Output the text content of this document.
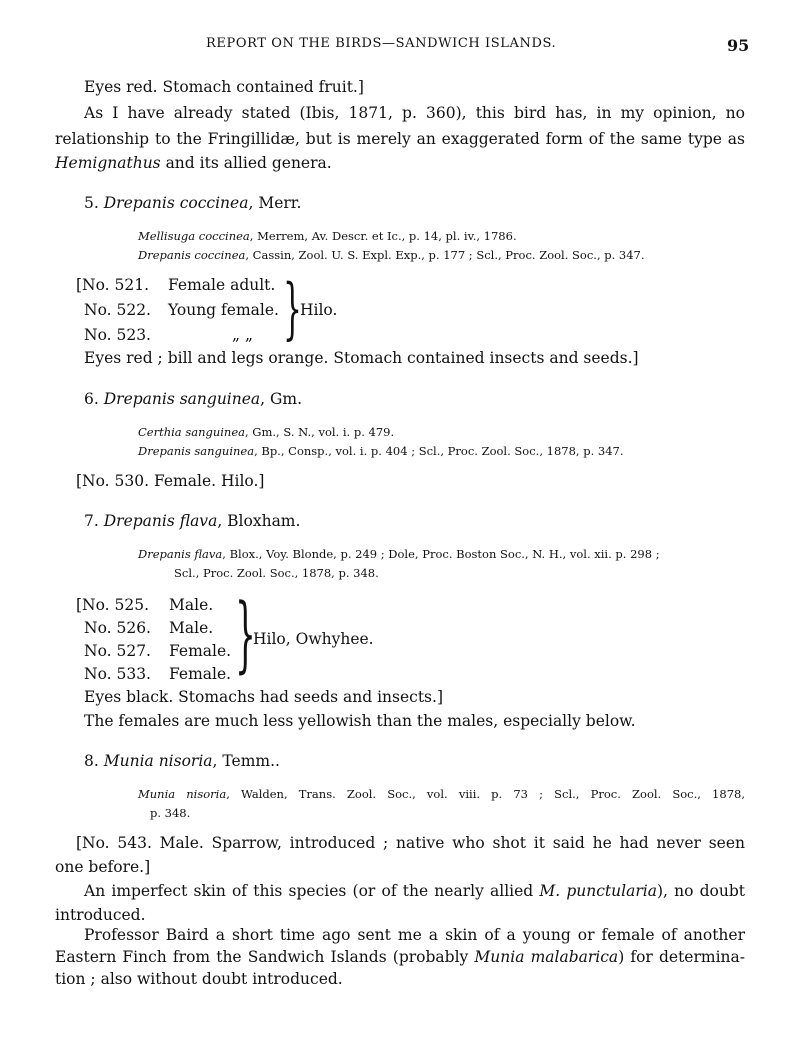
REPORT ON THE BIRDS—SANDWICH ISLANDS.	95
Eyes red. Stomach contained fruit.]
As I have already stated (Ibis, 1871, p. 360), this bird has, in my opinion, no
relationship to the Fringillidæ, but is merely an exaggerated form of the same type as
Hemignathus and its allied genera.
5. Drepanis coccinea, Merr.
Mellisuga coccinea, Merrem, Av. Descr. et Ic., p. 14, pl. iv., 1786.
Drepanis coccinea, Cassin, Zool. U. S. Expl. Exp., p. 177 ; Scl., Proc. Zool. Soc., p. 347.
[No. 521. Female adult.
No. 522. Young female.
No. 523.	„ „ }
Hilo.
Eyes red ; bill and legs orange. Stomach contained insects and seeds.]
6. Drepanis sanguinea, Gm.
Certhia sanguinea, Gm., S. N., vol. i. p. 479.
Drepanis sanguinea, Bp., Consp., vol. i. p. 404 ; Scl., Proc. Zool. Soc., 1878, p. 347.
[No. 530. Female. Hilo.]
7. Drepanis flava, Bloxham.
Drepanis flava, Blox., Voy. Blonde, p. 249 ; Dole, Proc. Boston Soc., N. H., vol. xii. p. 298 ;
Scl., Proc. Zool. Soc., 1878, p. 348.
[No. 525. Male.
No. 526. Male.
No. 527. Female.
No. 533. Female. }
Hilo, Owhyhee.
Eyes black. Stomachs had seeds and insects.]
The females are much less yellowish than the males, especially below.
8. Munia nisoria, Temm..
Munia nisoria, Walden, Trans. Zool. Soc., vol. viii. p. 73 ; Scl., Proc. Zool. Soc., 1878,
p. 348.
[No. 543. Male. Sparrow, introduced ; native who shot it said he had never seen
one before.]
An imperfect skin of this species (or of the nearly allied M. punctularia), no doubt
introduced.
Professor Baird a short time ago sent me a skin of a young or female of another
Eastern Finch from the Sandwich Islands (probably Munia malabarica) for determina-
tion ; also without doubt introduced.
